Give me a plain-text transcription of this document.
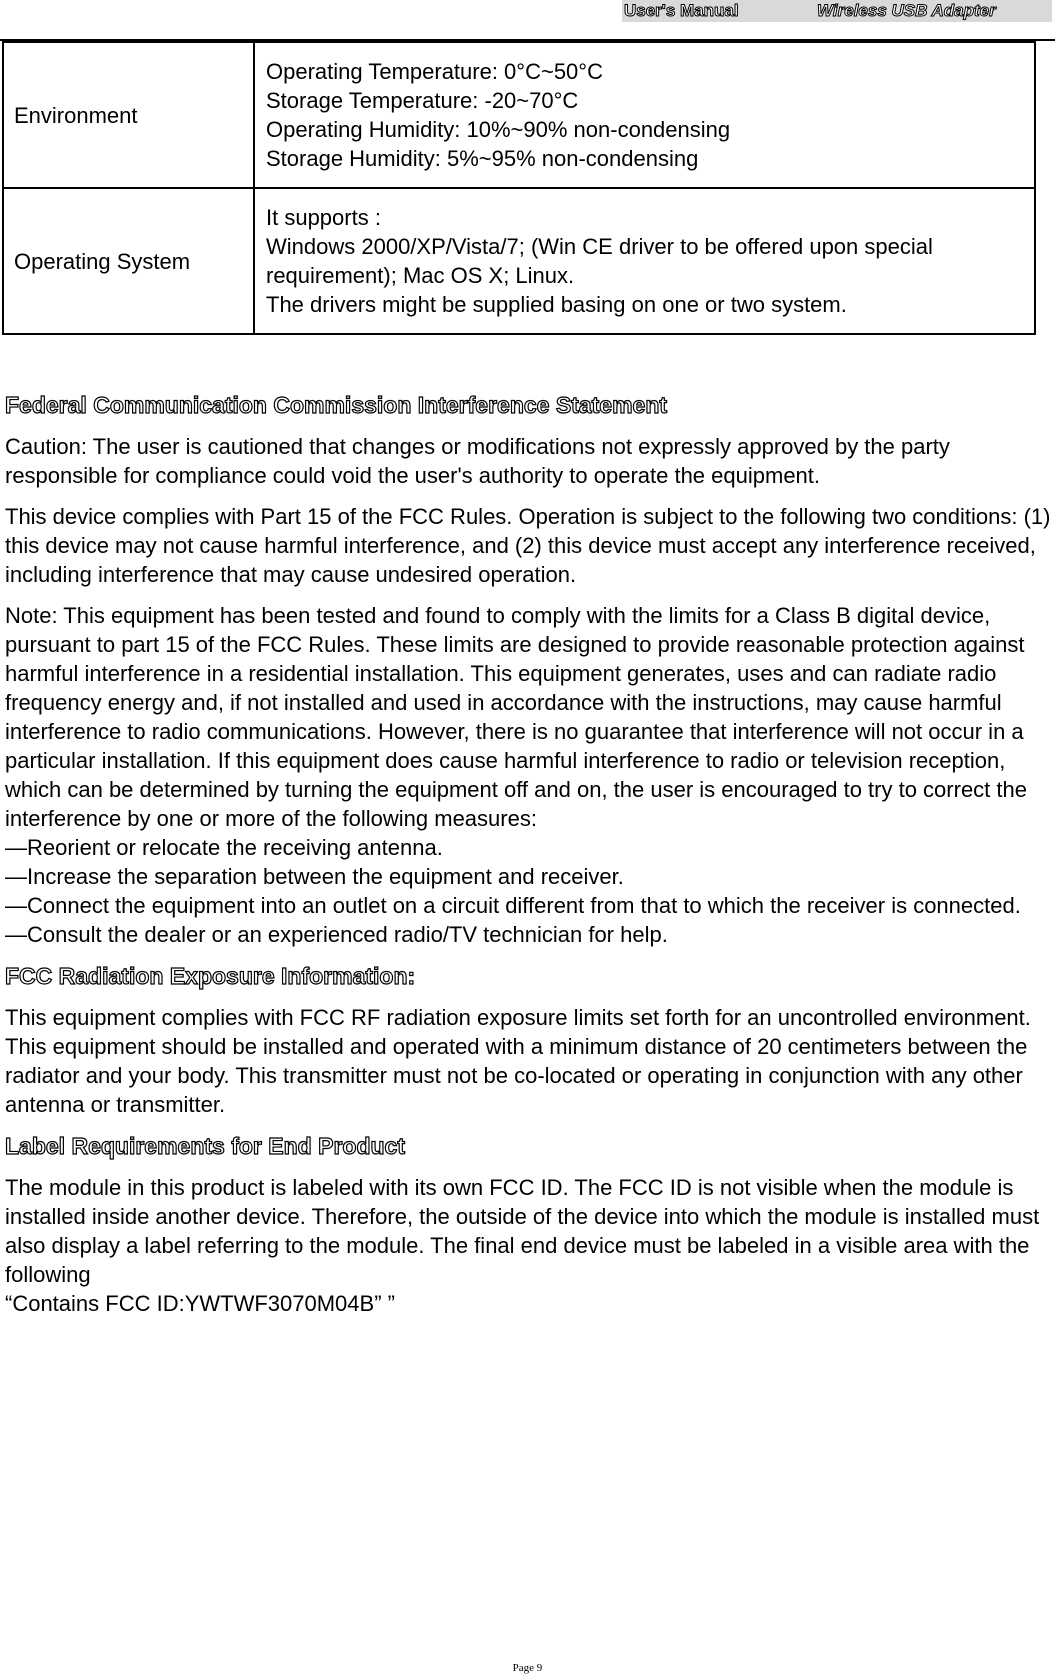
User's Manual	Wireless USB Adapter
Environment	Operating Temperature: 0°C~50°C
Storage Temperature: -20~70°C
Operating Humidity: 10%~90% non-condensing
Storage Humidity: 5%~95% non-condensing

Operating System	It supports :
Windows 2000/XP/Vista/7; (Win CE driver to be offered upon special requirement); Mac OS X; Linux.
The drivers might be supplied basing on one or two system.
Federal Communication Commission Interference Statement

Caution: The user is cautioned that changes or modifications not expressly approved by the party responsible for compliance could void the user's authority to operate the equipment.

This device complies with Part 15 of the FCC Rules. Operation is subject to the following two conditions: (1) this device may not cause harmful interference, and (2) this device must accept any interference received, including interference that may cause undesired operation.

Note: This equipment has been tested and found to comply with the limits for a Class B digital device, pursuant to part 15 of the FCC Rules. These limits are designed to provide reasonable protection against harmful interference in a residential installation. This equipment generates, uses and can radiate radio frequency energy and, if not installed and used in accordance with the instructions, may cause harmful interference to radio communications. However, there is no guarantee that interference will not occur in a particular installation. If this equipment does cause harmful interference to radio or television reception, which can be determined by turning the equipment off and on, the user is encouraged to try to correct the interference by one or more of the following measures:

—Reorient or relocate the receiving antenna.

—Increase the separation between the equipment and receiver.

—Connect the equipment into an outlet on a circuit different from that to which the receiver is connected.

—Consult the dealer or an experienced radio/TV technician for help.

FCC Radiation Exposure Information:

This equipment complies with FCC RF radiation exposure limits set forth for an uncontrolled environment. This equipment should be installed and operated with a minimum distance of 20 centimeters between the radiator and your body. This transmitter must not be co-located or operating in conjunction with any other antenna or transmitter.

Label Requirements for End Product

The module in this product is labeled with its own FCC ID. The FCC ID is not visible when the module is installed inside another device. Therefore, the outside of the device into which the module is installed must also display a label referring to the module. The final end device must be labeled in a visible area with the following

“Contains FCC ID:YWTWF3070M04B” ”

Page 9
